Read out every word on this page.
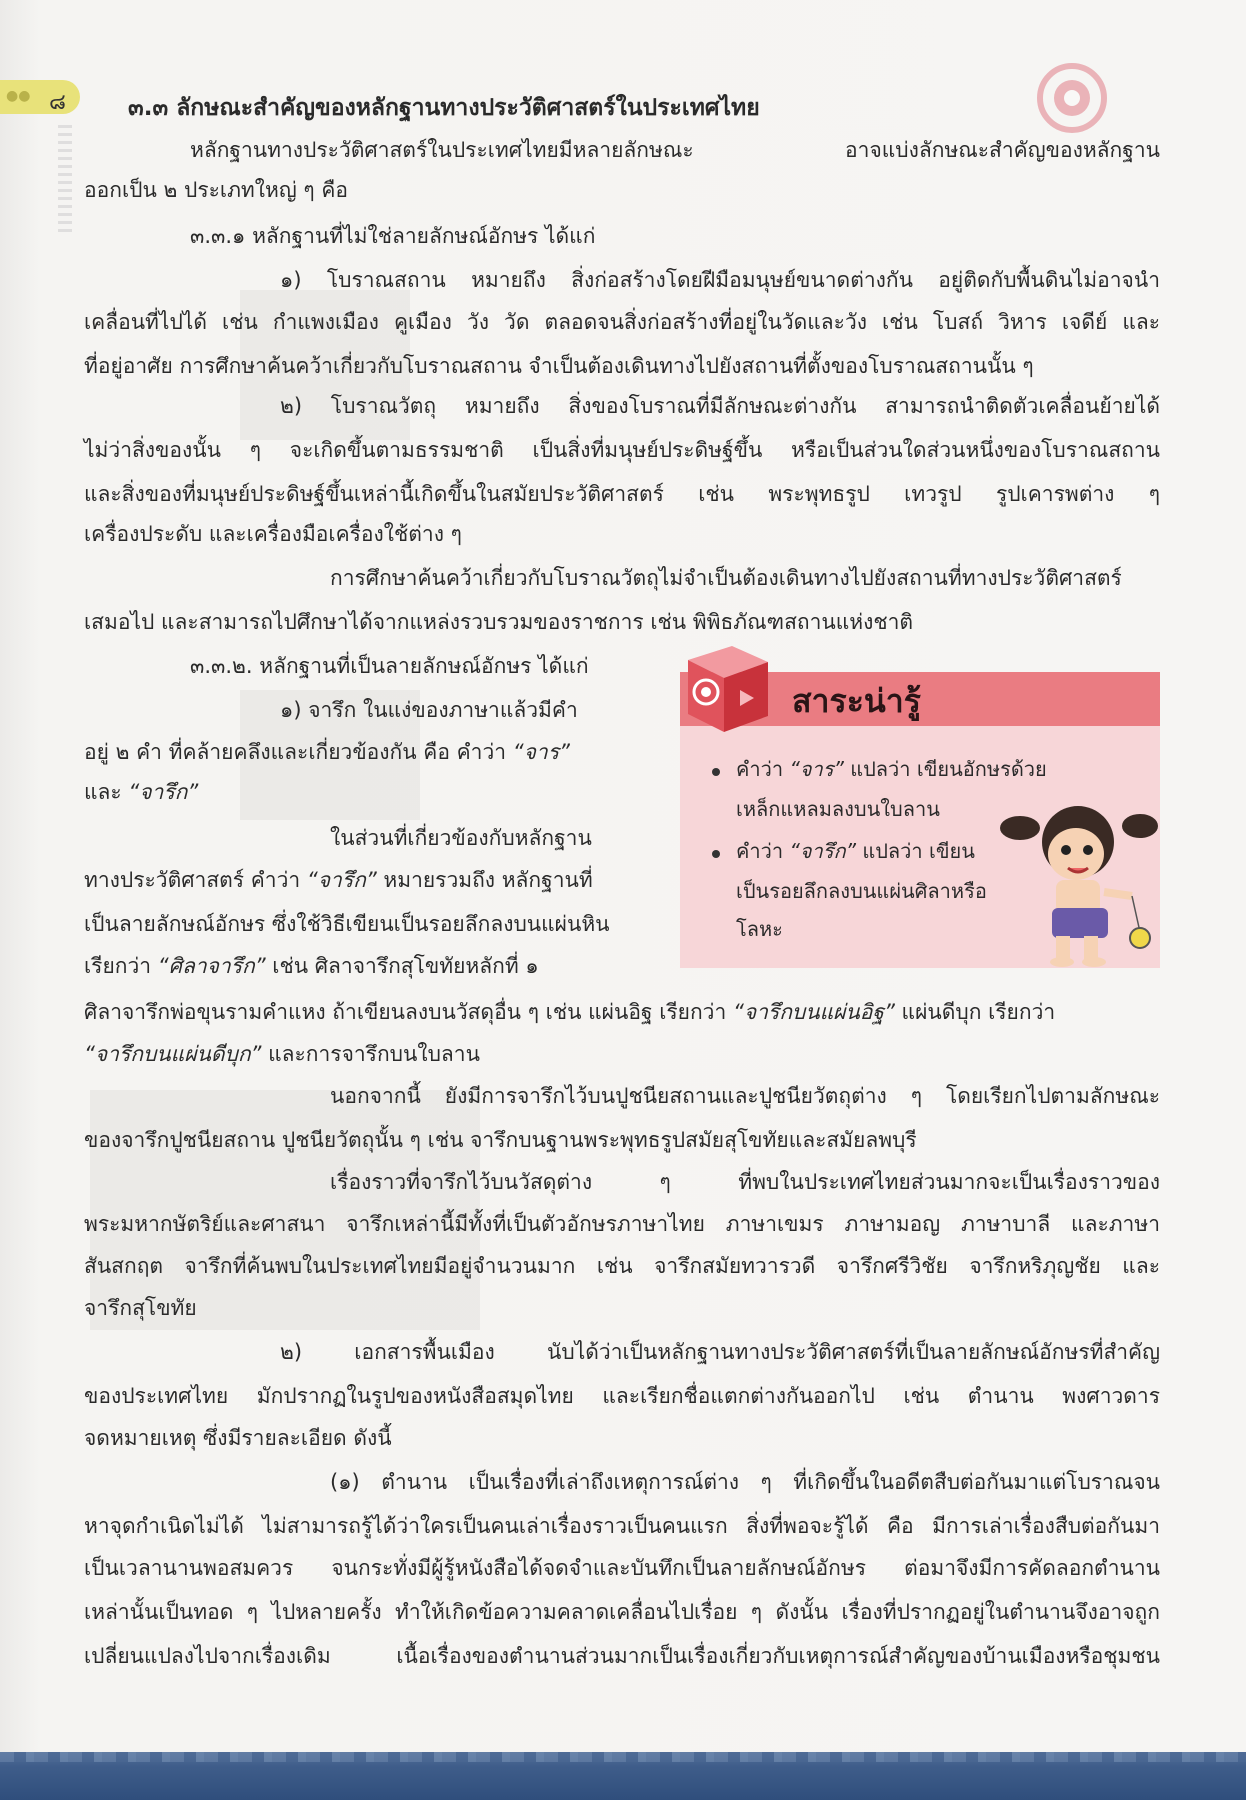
●● ๘	๓.๓ ลักษณะสำคัญของหลักฐานทางประวัติศาสตร์ในประเทศไทย
หลักฐานทางประวัติศาสตร์ในประเทศไทยมีหลายลักษณะ อาจแบ่งลักษณะสำคัญของหลักฐาน
ออกเป็น ๒ ประเภทใหญ่ ๆ คือ
๓.๓.๑ หลักฐานที่ไม่ใช่ลายลักษณ์อักษร ได้แก่
๑) โบราณสถาน หมายถึง สิ่งก่อสร้างโดยฝีมือมนุษย์ขนาดต่างกัน อยู่ติดกับพื้นดินไม่อาจนำ
เคลื่อนที่ไปได้ เช่น กำแพงเมือง คูเมือง วัง วัด ตลอดจนสิ่งก่อสร้างที่อยู่ในวัดและวัง เช่น โบสถ์ วิหาร เจดีย์ และ
ที่อยู่อาศัย การศึกษาค้นคว้าเกี่ยวกับโบราณสถาน จำเป็นต้องเดินทางไปยังสถานที่ตั้งของโบราณสถานนั้น ๆ
๒) โบราณวัตถุ หมายถึง สิ่งของโบราณที่มีลักษณะต่างกัน สามารถนำติดตัวเคลื่อนย้ายได้
ไม่ว่าสิ่งของนั้น ๆ จะเกิดขึ้นตามธรรมชาติ เป็นสิ่งที่มนุษย์ประดิษฐ์ขึ้น หรือเป็นส่วนใดส่วนหนึ่งของโบราณสถาน
และสิ่งของที่มนุษย์ประดิษฐ์ขึ้นเหล่านี้เกิดขึ้นในสมัยประวัติศาสตร์ เช่น พระพุทธรูป เทวรูป รูปเคารพต่าง ๆ
เครื่องประดับ และเครื่องมือเครื่องใช้ต่าง ๆ
การศึกษาค้นคว้าเกี่ยวกับโบราณวัตถุไม่จำเป็นต้องเดินทางไปยังสถานที่ทางประวัติศาสตร์
เสมอไป และสามารถไปศึกษาได้จากแหล่งรวบรวมของราชการ เช่น พิพิธภัณฑสถานแห่งชาติ
๓.๓.๒. หลักฐานที่เป็นลายลักษณ์อักษร ได้แก่
๑) จารึก ในแง่ของภาษาแล้วมีคำ
อยู่ ๒ คำ ที่คล้ายคลึงและเกี่ยวข้องกัน คือ คำว่า “จาร”
และ “จารึก”
ในส่วนที่เกี่ยวข้องกับหลักฐาน
ทางประวัติศาสตร์ คำว่า “จารึก” หมายรวมถึง หลักฐานที่
เป็นลายลักษณ์อักษร ซึ่งใช้วิธีเขียนเป็นรอยลึกลงบนแผ่นหิน
เรียกว่า “ศิลาจารึก” เช่น ศิลาจารึกสุโขทัยหลักที่ ๑
ศิลาจารึกพ่อขุนรามคำแหง ถ้าเขียนลงบนวัสดุอื่น ๆ เช่น แผ่นอิฐ เรียกว่า “จารึกบนแผ่นอิฐ” แผ่นดีบุก เรียกว่า
“จารึกบนแผ่นดีบุก” และการจารึกบนใบลาน
นอกจากนี้ ยังมีการจารึกไว้บนปูชนียสถานและปูชนียวัตถุต่าง ๆ โดยเรียกไปตามลักษณะ
ของจารึกปูชนียสถาน ปูชนียวัตถุนั้น ๆ เช่น จารึกบนฐานพระพุทธรูปสมัยสุโขทัยและสมัยลพบุรี
เรื่องราวที่จารึกไว้บนวัสดุต่าง ๆ ที่พบในประเทศไทยส่วนมากจะเป็นเรื่องราวของ
พระมหากษัตริย์และศาสนา จารึกเหล่านี้มีทั้งที่เป็นตัวอักษรภาษาไทย ภาษาเขมร ภาษามอญ ภาษาบาลี และภาษา
สันสกฤต จารึกที่ค้นพบในประเทศไทยมีอยู่จำนวนมาก เช่น จารึกสมัยทวารวดี จารึกศรีวิชัย จารึกหริภุญชัย และ
จารึกสุโขทัย
๒) เอกสารพื้นเมือง นับได้ว่าเป็นหลักฐานทางประวัติศาสตร์ที่เป็นลายลักษณ์อักษรที่สำคัญ
ของประเทศไทย มักปรากฏในรูปของหนังสือสมุดไทย และเรียกชื่อแตกต่างกันออกไป เช่น ตำนาน พงศาวดาร
จดหมายเหตุ ซึ่งมีรายละเอียด ดังนี้
(๑) ตำนาน เป็นเรื่องที่เล่าถึงเหตุการณ์ต่าง ๆ ที่เกิดขึ้นในอดีตสืบต่อกันมาแต่โบราณจน
หาจุดกำเนิดไม่ได้ ไม่สามารถรู้ได้ว่าใครเป็นคนเล่าเรื่องราวเป็นคนแรก สิ่งที่พอจะรู้ได้ คือ มีการเล่าเรื่องสืบต่อกันมา
เป็นเวลานานพอสมควร จนกระทั่งมีผู้รู้หนังสือได้จดจำและบันทึกเป็นลายลักษณ์อักษร ต่อมาจึงมีการคัดลอกตำนาน
เหล่านั้นเป็นทอด ๆ ไปหลายครั้ง ทำให้เกิดข้อความคลาดเคลื่อนไปเรื่อย ๆ ดังนั้น เรื่องที่ปรากฏอยู่ในตำนานจึงอาจถูก
เปลี่ยนแปลงไปจากเรื่องเดิม เนื้อเรื่องของตำนานส่วนมากเป็นเรื่องเกี่ยวกับเหตุการณ์สำคัญของบ้านเมืองหรือชุมชน
สาระน่ารู้
คำว่า “จาร” แปลว่า เขียนอักษรด้วย
เหล็กแหลมลงบนใบลาน
คำว่า “จารึก” แปลว่า เขียน
เป็นรอยลึกลงบนแผ่นศิลาหรือ
โลหะ
